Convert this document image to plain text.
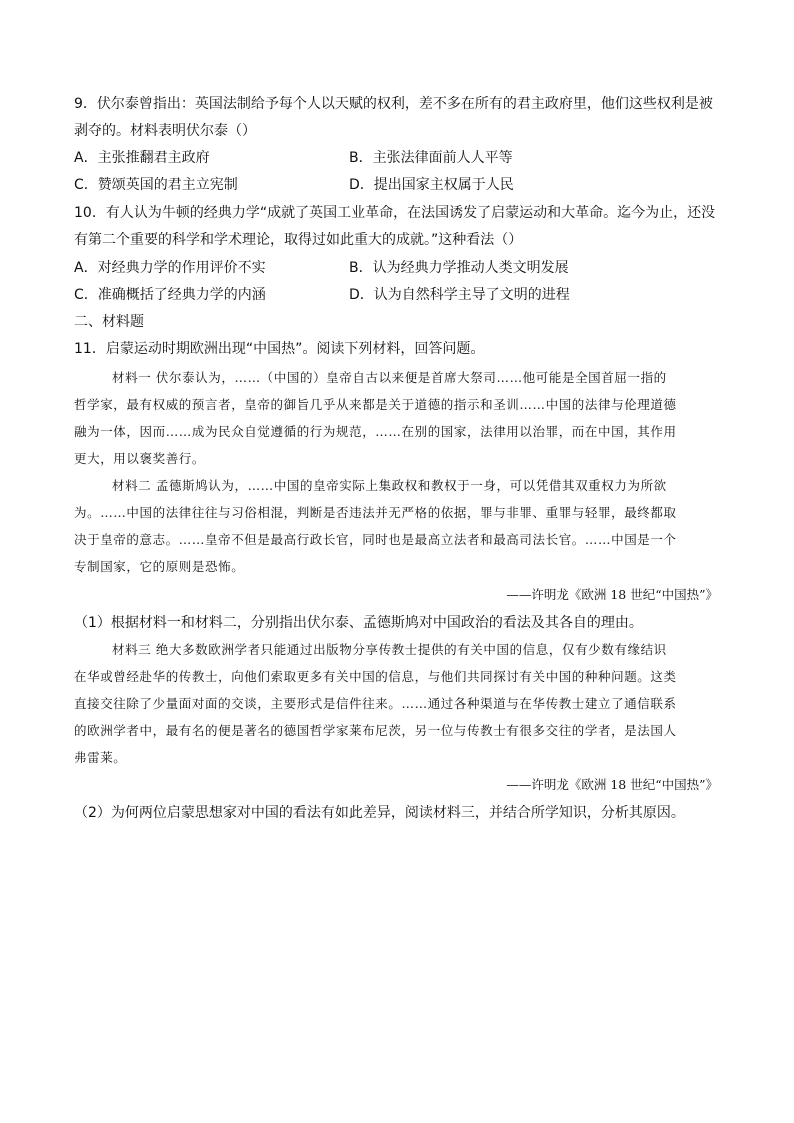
9．伏尔泰曾指出：英国法制给予每个人以天赋的权利，差不多在所有的君主政府里，他们这些权利是被
剥夺的。材料表明伏尔泰（）
A．主张推翻君主政府	B．主张法律面前人人平等
C．赞颂英国的君主立宪制	D．提出国家主权属于人民
10．有人认为牛顿的经典力学“成就了英国工业革命，在法国诱发了启蒙运动和大革命。迄今为止，还没
有第二个重要的科学和学术理论，取得过如此重大的成就。”这种看法（）
A．对经典力学的作用评价不实	B．认为经典力学推动人类文明发展
C．准确概括了经典力学的内涵	D．认为自然科学主导了文明的进程
二、材料题
11．启蒙运动时期欧洲出现“中国热”。阅读下列材料，回答问题。
材料一 伏尔泰认为，……（中国的）皇帝自古以来便是首席大祭司……他可能是全国首屈一指的
哲学家，最有权威的预言者，皇帝的御旨几乎从来都是关于道德的指示和圣训……中国的法律与伦理道德
融为一体，因而……成为民众自觉遵循的行为规范，……在别的国家，法律用以治罪，而在中国，其作用
更大，用以褒奖善行。
材料二 孟德斯鸠认为，……中国的皇帝实际上集政权和教权于一身，可以凭借其双重权力为所欲
为。……中国的法律往往与习俗相混，判断是否违法并无严格的依据，罪与非罪、重罪与轻罪，最终都取
决于皇帝的意志。……皇帝不但是最高行政长官，同时也是最高立法者和最高司法长官。……中国是一个
专制国家，它的原则是恐怖。
——许明龙《欧洲 18 世纪“中国热”》
（1）根据材料一和材料二，分别指出伏尔泰、孟德斯鸠对中国政治的看法及其各自的理由。
材料三 绝大多数欧洲学者只能通过出版物分享传教士提供的有关中国的信息，仅有少数有缘结识
在华或曾经赴华的传教士，向他们索取更多有关中国的信息，与他们共同探讨有关中国的种种问题。这类
直接交往除了少量面对面的交谈，主要形式是信件往来。……通过各种渠道与在华传教士建立了通信联系
的欧洲学者中，最有名的便是著名的德国哲学家莱布尼茨，另一位与传教士有很多交往的学者，是法国人
弗雷莱。
——许明龙《欧洲 18 世纪“中国热”》
（2）为何两位启蒙思想家对中国的看法有如此差异，阅读材料三，并结合所学知识，分析其原因。
